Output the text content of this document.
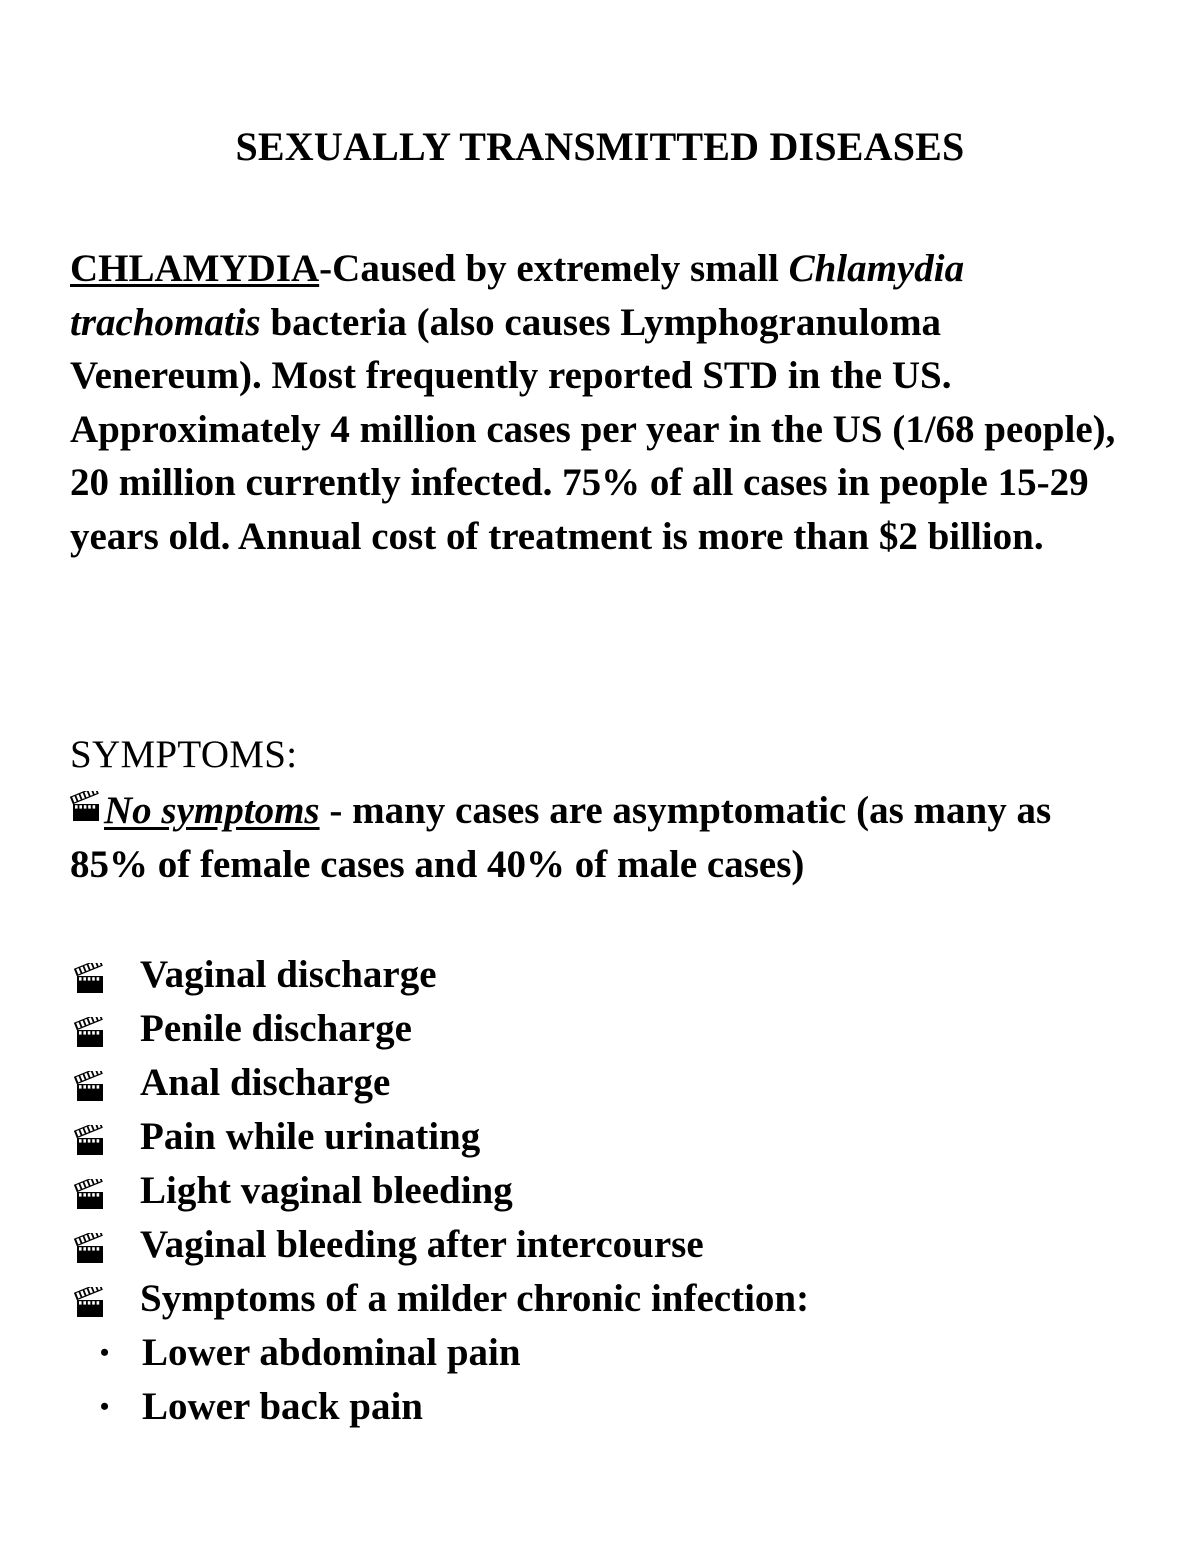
SEXUALLY TRANSMITTED DISEASES

CHLAMYDIA-Caused by extremely small Chlamydia trachomatis bacteria (also causes Lymphogranuloma Venereum). Most frequently reported STD in the US. Approximately 4 million cases per year in the US (1/68 people), 20 million currently infected. 75% of all cases in people 15-29 years old. Annual cost of treatment is more than $2 billion.

SYMPTOMS:
No symptoms - many cases are asymptomatic (as many as 85% of female cases and 40% of male cases)
Vaginal discharge
Penile discharge
Anal discharge
Pain while urinating
Light vaginal bleeding
Vaginal bleeding after intercourse
Symptoms of a milder chronic infection:
• Lower abdominal pain
• Lower back pain
